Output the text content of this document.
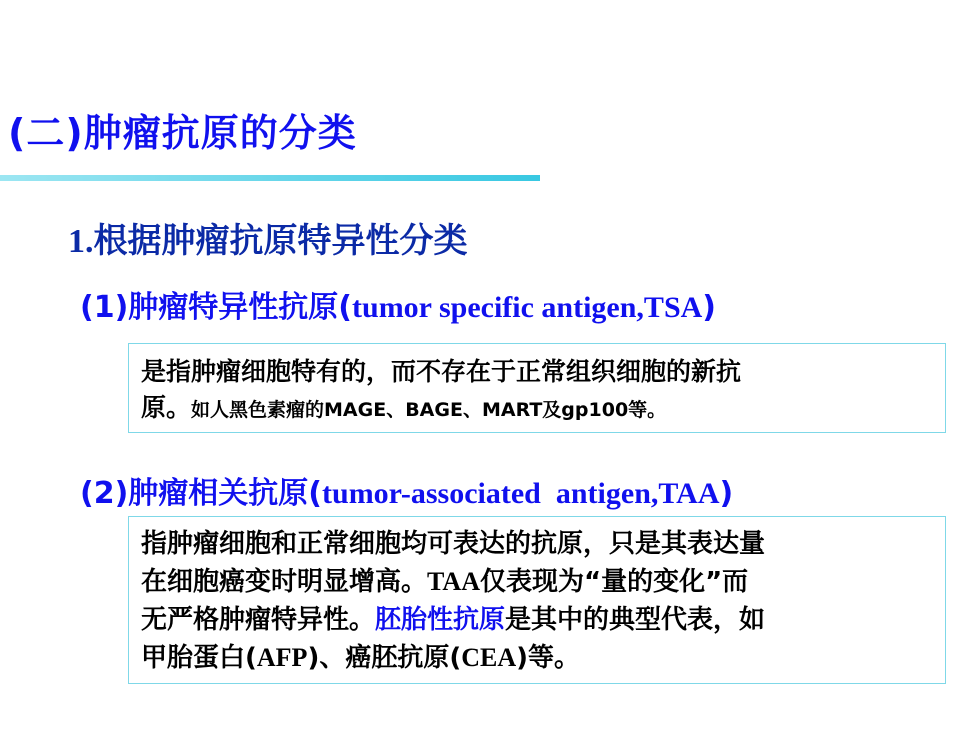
(二)肿瘤抗原的分类
1.根据肿瘤抗原特异性分类
(1)肿瘤特异性抗原(tumor specific antigen,TSA)
是指肿瘤细胞特有的，而不存在于正常组织细胞的新抗
原。如人黑色素瘤的MAGE、BAGE、MART及gp100等。
(2)肿瘤相关抗原(tumor-associated  antigen,TAA)
指肿瘤细胞和正常细胞均可表达的抗原，只是其表达量
在细胞癌变时明显增高。TAA仅表现为“量的变化”而
无严格肿瘤特异性。胚胎性抗原是其中的典型代表，如
甲胎蛋白(AFP)、癌胚抗原(CEA)等。
